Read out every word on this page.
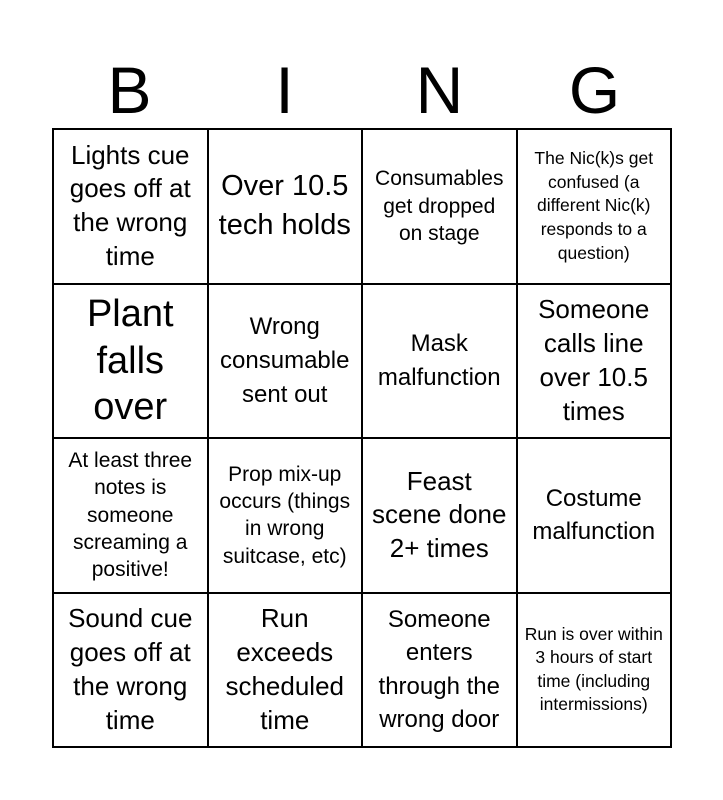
B	I	N	G
Lights cue goes off at the wrong time
Over 10.5 tech holds
Consumables get dropped on stage
The Nic(k)s get confused (a different Nic(k) responds to a question)
Plant falls over
Wrong consumable sent out
Mask malfunction
Someone calls line over 10.5 times
At least three notes is someone screaming a positive!
Prop mix-up occurs (things in wrong suitcase, etc)
Feast scene done 2+ times
Costume malfunction
Sound cue goes off at the wrong time
Run exceeds scheduled time
Someone enters through the wrong door
Run is over within 3 hours of start time (including intermissions)
